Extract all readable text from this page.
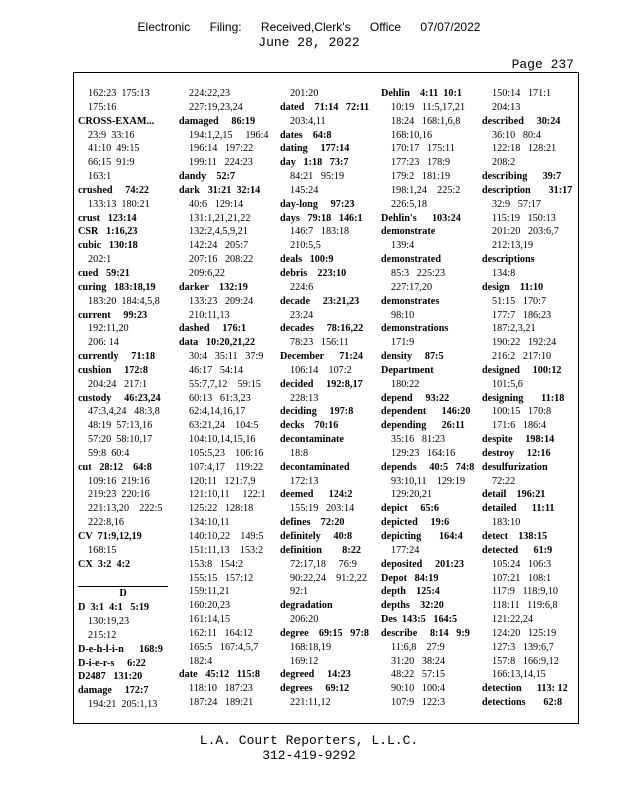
Electronic Filing: Received,Clerk's Office 07/07/2022
June 28, 2022
Page 237
162:23  175:13
175:16
CROSS-EXAM...
23:9  33:16
41:10  49:15
66:15  91:9
163:1
crushed     74:22
133:13  180:21
crust   123:14
CSR   1:16,23
cubic   130:18
202:1
cued   59:21
curing   183:18,19
183:20  184:4,5,8
current     99:23
192:11,20
206: 14
currently     71:18
cushion     172:8
204:24   217:1
custody     46:23,24
47:3,4,24   48:3,8
48:19  57:13,16
57:20  58:10,17
59:8  60:4
cut   28:12    64:8
109:16  219:16
219:23  220:16
221:13,20    222:5
222:8,16
CV  71:9,12,19
168:15
CX  3:2  4:2
D
D  3:1  4:1   5:19
130:19,23
215:12
D-e-h-l-i-n      168:9
D-i-e-r-s     6:22
D2487   131:20
damage     172:7
194:21  205:1,13
224:22,23
227:19,23,24
damaged     86:19
194:1,2,15     196:4
196:14   197:22
199:11   224:23
dandy    52:7
dark   31:21  32:14
40:6   129:14
131:1,21,21,22
132:2,4,5,9,21
142:24   205:7
207:16   208:22
209:6,22
darker    132:19
133:23   209:24
210:11,13
dashed     176:1
data   10:20,21,22
30:4   35:11   37:9
46:17   54:14
55:7,7,12    59:15
60:13   61:3,23
62:4,14,16,17
63:21,24    104:5
104:10,14,15,16
105:5,23    106:16
107:4,17    119:22
120:11   121:7,9
121:10,11     122:1
125:22   128:18
134:10,11
140:10,22    149:5
151:11,13    153:2
153:8   154:2
155:15   157:12
159:11,21
160:20,23
161:14,15
162:11   164:12
165:5   167:4,5,7
182:4
date   45:12   115:8
118:10   187:23
187:24   189:21
201:20
dated    71:14   72:11
203:4,11
dates    64:8
dating     177:14
day   1:18   73:7
84:21   95:19
145:24
day-long     97:23
days   79:18   146:1
146:7   183:18
210:5,5
deals   100:9
debris    223:10
224:6
decade     23:21,23
23:24
decades     78:16,22
78:23   156:11
December      71:24
106:14    107:2
decided     192:8,17
228:13
deciding     197:8
decks    70:16
decontaminate
18:8
decontaminated
172:13
deemed      124:2
155:19   203:14
defines    72:20
definitely     40:8
definition        8:22
72:17,18     76:9
90:22,24    91:2,22
92:1
degradation
206:20
degree    69:15   97:8
168:18,19
169:12
degreed     14:23
degrees     69:12
221:11,12
Dehlin    4:11  10:1
10:19   11:5,17,21
18:24   168:1,6,8
168:10,16
170:17   175:11
177:23   178:9
179:2   181:19
198:1,24    225:2
226:5,18
Dehlin's      103:24
demonstrate
139:4
demonstrated
85:3   225:23
227:17,20
demonstrates
98:10
demonstrations
171:9
density     87:5
Department
180:22
depend     93:22
dependent      146:20
depending      26:11
35:16   81:23
129:23   164:16
depends     40:5   74:8
93:10,11    129:19
129:20,21
depict     65:6
depicted     19:6
depicting       164:4
177:24
deposited     201:23
Depot   84:19
depth    125:4
depths    32:20
Des  143:5   164:5
describe     8:14   9:9
11:6,8    27:9
31:20   38:24
48:22   57:15
90:10   100:4
107:9   122:3
150:14   171:1
204:13
described     30:24
36:10   80:4
122:18   128:21
208:2
describing      39:7
description       31:17
32:9   57:17
115:19   150:13
201:20   203:6,7
212:13,19
descriptions
134:8
design    11:10
51:15   170:7
177:7   186:23
187:2,3,21
190:22   192:24
216:2   217:10
designed     100:12
101:5,6
designing       11:18
100:15   170:8
171:6   186:4
despite     198:14
destroy     12:16
desulfurization
72:22
detail    196:21
detailed      11:11
183:10
detect    138:15
detected      61:9
105:24   106:3
107:21   108:1
117:9   118:9,10
118:11   119:6,8
121:22,24
124:20   125:19
127:3   139:6,7
157:8   166:9,12
166:13,14,15
detection      113: 12
detections       62:8
L.A. Court Reporters, L.L.C.
312-419-9292
